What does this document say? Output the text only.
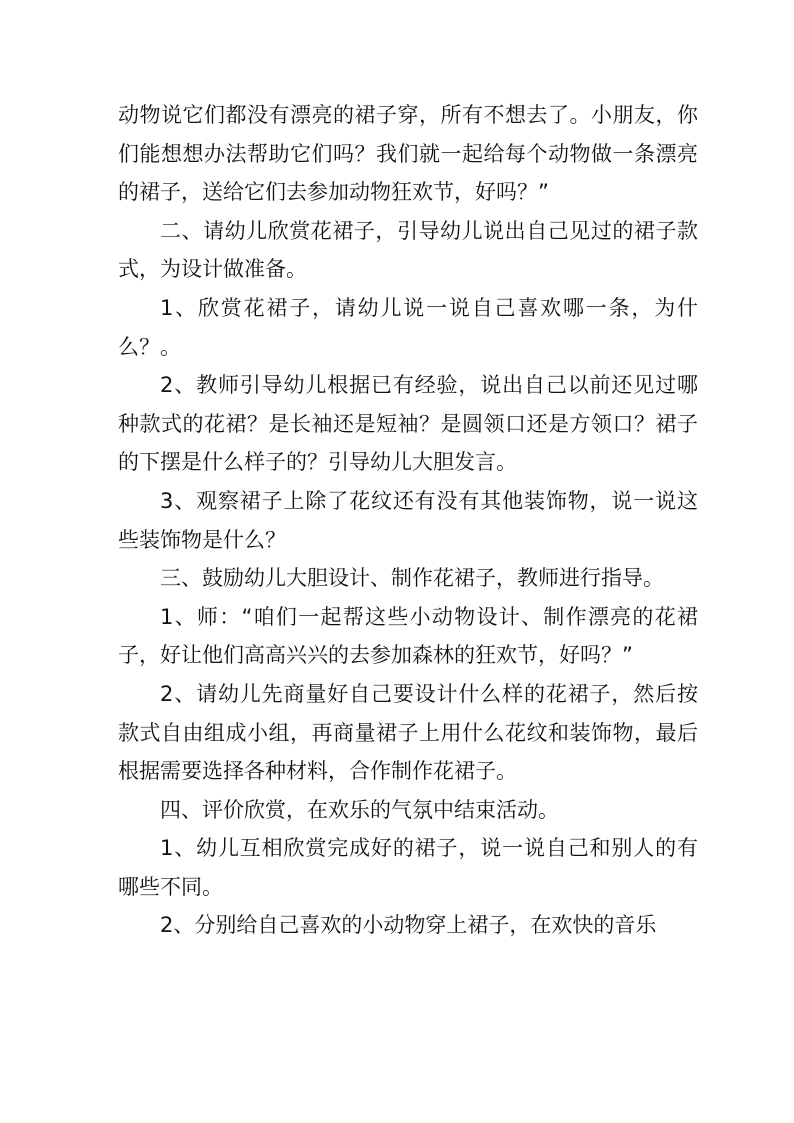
动物说它们都没有漂亮的裙子穿，所有不想去了。小朋友，你们能想想办法帮助它们吗？我们就一起给每个动物做一条漂亮的裙子，送给它们去参加动物狂欢节，好吗？”

二、请幼儿欣赏花裙子，引导幼儿说出自己见过的裙子款式，为设计做准备。

1、欣赏花裙子，请幼儿说一说自己喜欢哪一条，为什么？。

2、教师引导幼儿根据已有经验，说出自己以前还见过哪种款式的花裙？是长袖还是短袖？是圆领口还是方领口？裙子的下摆是什么样子的？引导幼儿大胆发言。

3、观察裙子上除了花纹还有没有其他装饰物，说一说这些装饰物是什么？

三、鼓励幼儿大胆设计、制作花裙子，教师进行指导。

1、师：“咱们一起帮这些小动物设计、制作漂亮的花裙子，好让他们高高兴兴的去参加森林的狂欢节，好吗？”

2、请幼儿先商量好自己要设计什么样的花裙子，然后按款式自由组成小组，再商量裙子上用什么花纹和装饰物，最后根据需要选择各种材料，合作制作花裙子。

四、评价欣赏，在欢乐的气氛中结束活动。

1、幼儿互相欣赏完成好的裙子，说一说自己和别人的有哪些不同。

2、分别给自己喜欢的小动物穿上裙子，在欢快的音乐
